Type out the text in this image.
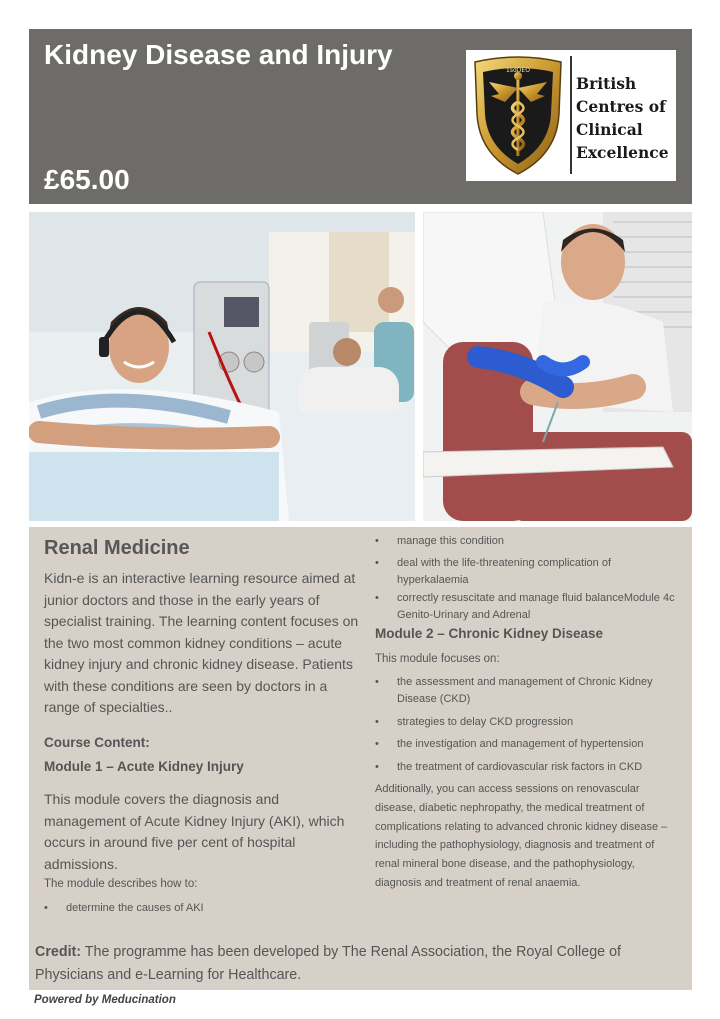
Kidney Disease and Injury
£65.00
1sdDEO
British
Centres of
Clinical
Excellence
Renal Medicine
Kidn-e is an interactive learning resource aimed at junior doctors and those in the early years of specialist training. The learning content focuses on the two most common kidney conditions – acute kidney injury and chronic kidney disease. Patients with these conditions are seen by doctors in a range of specialties..
Course Content:
Module 1 – Acute Kidney Injury
This module covers the diagnosis and management of Acute Kidney Injury (AKI), which occurs in around five per cent of hospital admissions.
The module describes how to:
• determine the causes of AKI
•	manage this condition
•	deal with the life-threatening complication of hyperkalaemia
•	correctly resuscitate and manage fluid balanceModule 4c Genito-Urinary and Adrenal
Module 2 – Chronic Kidney Disease
This module focuses on:
•	the assessment and management of Chronic Kidney Disease (CKD)
•	strategies to delay CKD progression
•	the investigation and management of hypertension
•	the treatment of cardiovascular risk factors in CKD
Additionally, you can access sessions on renovascular disease, diabetic nephropathy, the medical treatment of complications relating to advanced chronic kidney disease – including the pathophysiology, diagnosis and treatment of renal mineral bone disease, and the pathophysiology, diagnosis and treatment of renal anaemia.
Credit: The programme has been developed by The Renal Association, the Royal College of Physicians and e-Learning for Healthcare.
Powered by Meducination
